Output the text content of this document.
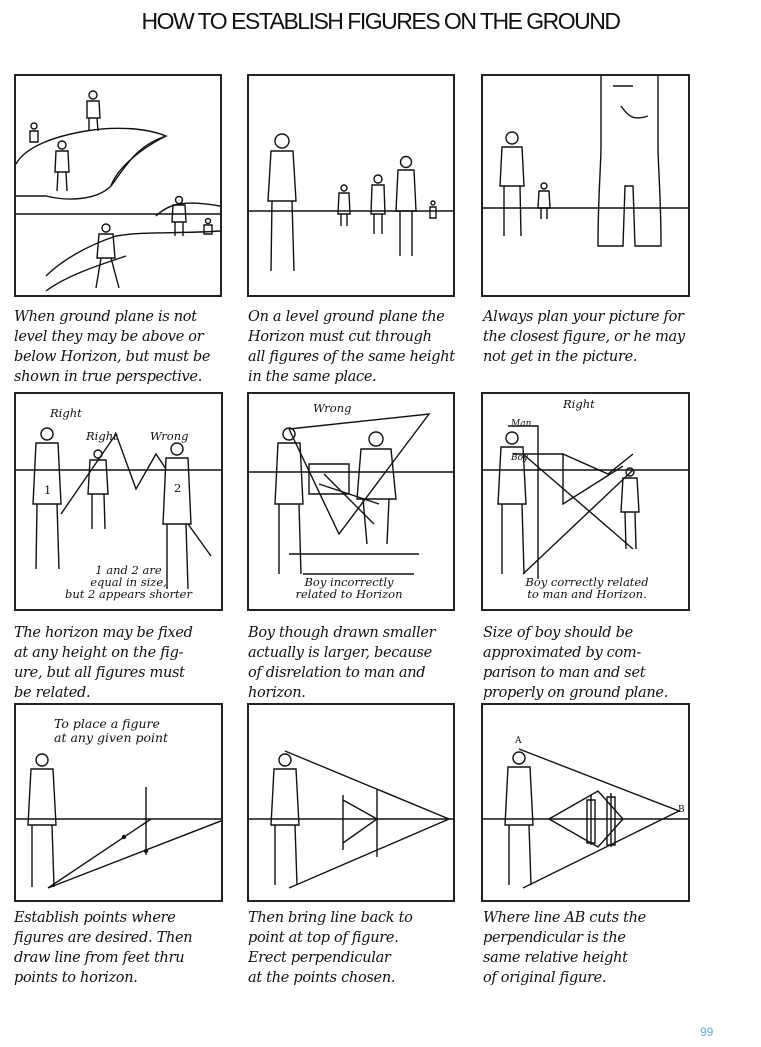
HOW TO ESTABLISH FIGURES ON THE GROUND
When ground plane is not
level they may be above or
below Horizon, but must be
shown in true perspective.
On a level ground plane the
Horizon must cut through
all figures of the same height
in the same place.
Always plan your picture for
the closest figure, or he may
not get in the picture.
Right
Right	Wrong
1	2
1 and 2 are
equal in size,
but 2 appears shorter
The horizon may be fixed
at any height on the fig-
ure, but all figures must
be related.
Wrong
Boy incorrectly
related to Horizon
Boy though drawn smaller
actually is larger, because
of disrelation to man and
horizon.
Right
Man
Boy
Boy correctly related
to man and Horizon.
Size of boy should be
approximated by com-
parison to man and set
properly on ground plane.
To place a figure
at any given point
Establish points where
figures are desired. Then
draw line from feet thru
points to horizon.
Then bring line back to
point at top of figure.
Erect perpendicular
at the points chosen.
A
B
Where line AB cuts the
perpendicular is the
same relative height
of original figure.
99
